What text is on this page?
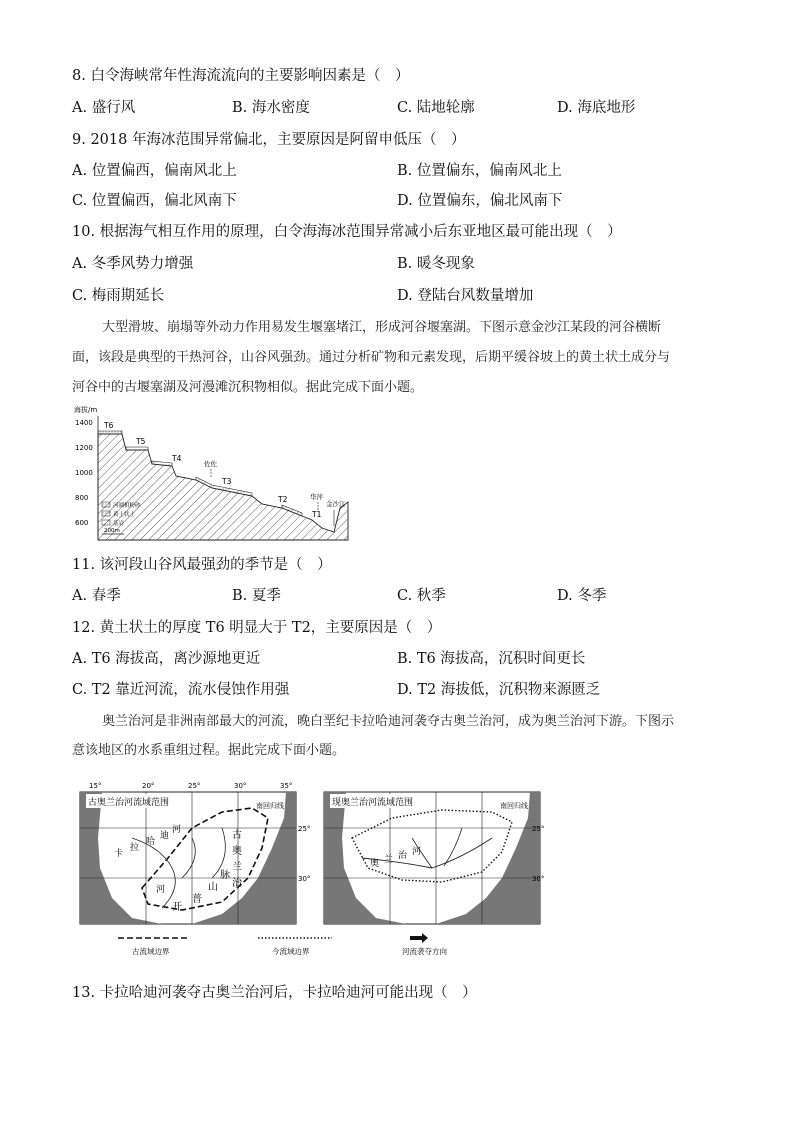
8. 白令海峡常年性海流流向的主要影响因素是（　）
A. 盛行风	B. 海水密度	C. 陆地轮廓	D. 海底地形
9. 2018 年海冰范围异常偏北，主要原因是阿留申低压（　）
A. 位置偏西，偏南风北上	B. 位置偏东，偏南风北上
C. 位置偏西，偏北风南下	D. 位置偏东，偏北风南下
10. 根据海气相互作用的原理，白令海海冰范围异常减小后东亚地区最可能出现（　）
A. 冬季风势力增强	B. 暖冬现象
C. 梅雨期延长	D. 登陆台风数量增加
大型滑坡、崩塌等外动力作用易发生堰塞堵江，形成河谷堰塞湖。下图示意金沙江某段的河谷横断
面，该段是典型的干热河谷，山谷风强劲。通过分析矿物和元素发现，后期平缓谷坡上的黄土状土成分与
河谷中的古堰塞湖及河漫滩沉积物相似。据此完成下面小题。
海拔/m
1400
1200
1000
800
600
T6
T5
T4
T3
T2
T1
佐佐
华萍
金沙江
河湖相粉砂
黄土状土
基岩
200m
11. 该河段山谷风最强劲的季节是（　）
A. 春季	B. 夏季	C. 秋季	D. 冬季
12. 黄土状土的厚度 T6 明显大于 T2，主要原因是（　）
A. T6 海拔高，离沙源地更近	B. T6 海拔高，沉积时间更长
C. T2 靠近河流，流水侵蚀作用强	D. T2 海拔低，沉积物来源匮乏
奥兰治河是非洲南部最大的河流，晚白垩纪卡拉哈迪河袭夺古奥兰治河，成为奥兰治河下游。下图示
意该地区的水系重组过程。据此完成下面小题。
15°	20°	25°	30°	35°
25°
30°
古奥兰治河流域范围	南回归线
卡
拉
哈
迪
河	古
奥
兰
治
河
开
普
山
脉
25°
30°
现奥兰治河流域范围	南回归线
奥 兰 治 河
古流域边界	今流域边界	河流袭夺方向
13. 卡拉哈迪河袭夺古奥兰治河后，卡拉哈迪河可能出现（　）
